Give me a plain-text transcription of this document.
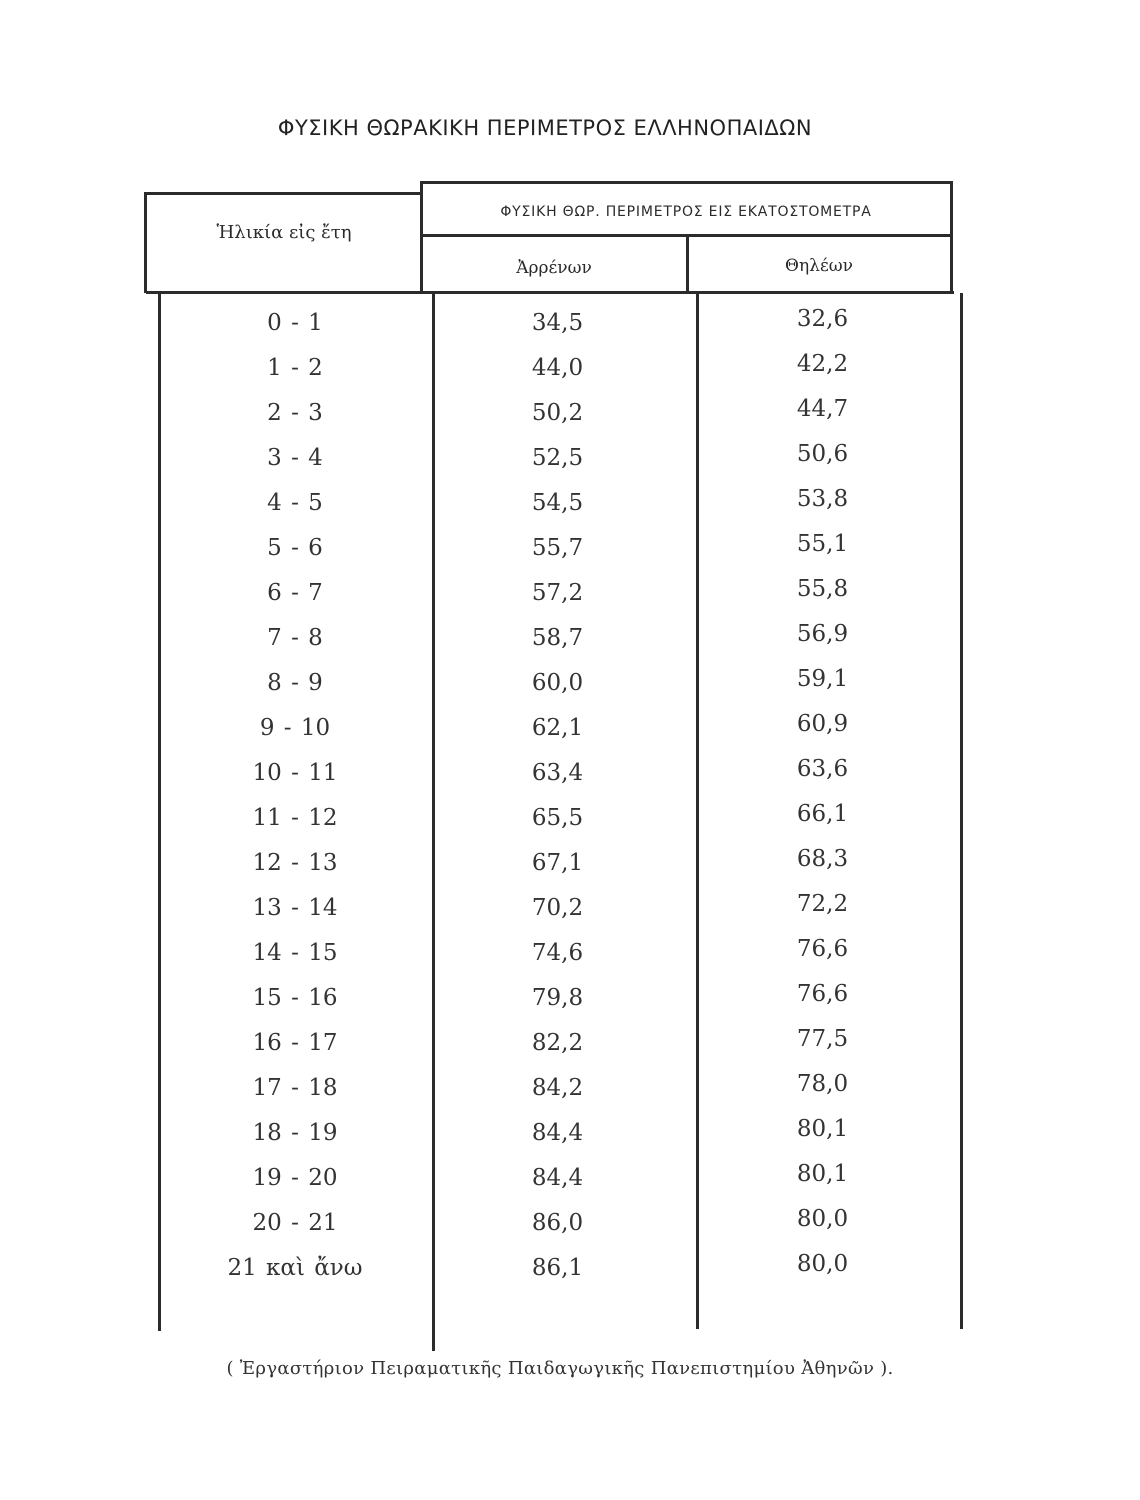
ΦΥΣΙΚΗ ΘΩΡΑΚΙΚΗ ΠΕΡΙΜΕΤΡΟΣ ΕΛΛΗΝΟΠΑΙΔΩΝ
Ἡλικία εἰς ἔτη
ΦΥΣΙΚΗ ΘΩΡ. ΠΕΡΙΜΕΤΡΟΣ ΕΙΣ ΕΚΑΤΟΣΤΟΜΕΤΡΑ
Ἀρρένων	Θηλέων
0 - 1	34,5	32,6
1 - 2	44,0	42,2
2 - 3	50,2	44,7
3 - 4	52,5	50,6
4 - 5	54,5	53,8
5 - 6	55,7	55,1
6 - 7	57,2	55,8
7 - 8	58,7	56,9
8 - 9	60,0	59,1
9 - 10	62,1	60,9
10 - 11	63,4	63,6
11 - 12	65,5	66,1
12 - 13	67,1	68,3
13 - 14	70,2	72,2
14 - 15	74,6	76,6
15 - 16	79,8	76,6
16 - 17	82,2	77,5
17 - 18	84,2	78,0
18 - 19	84,4	80,1
19 - 20	84,4	80,1
20 - 21	86,0	80,0
21 καὶ ἄνω	86,1	80,0
( Ἐργαστήριον Πειραματικῆς Παιδαγωγικῆς Πανεπιστημίου Ἀθηνῶν ).
